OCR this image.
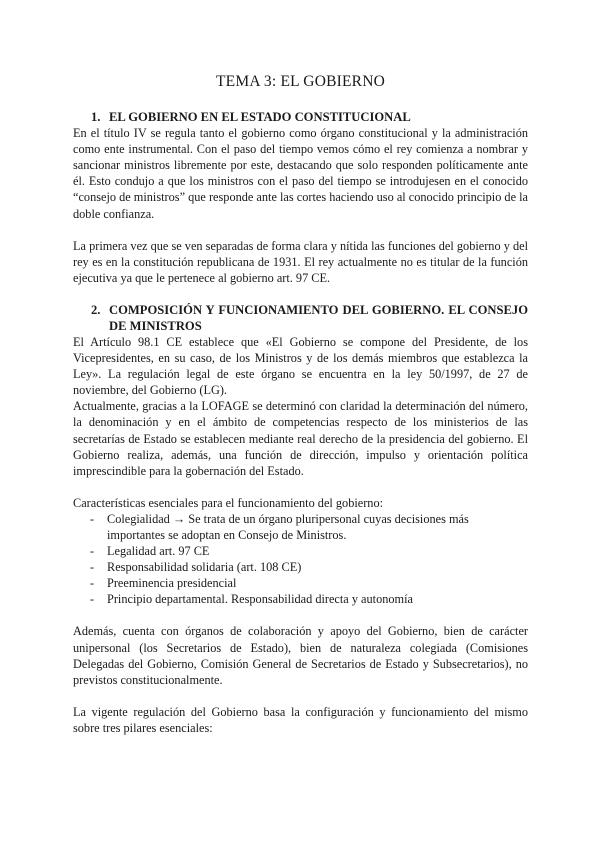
TEMA 3: EL GOBIERNO
1. EL GOBIERNO EN EL ESTADO CONSTITUCIONAL

En el título IV se regula tanto el gobierno como órgano constitucional y la administración como ente instrumental. Con el paso del tiempo vemos cómo el rey comienza a nombrar y sancionar ministros libremente por este, destacando que solo responden políticamente ante él. Esto condujo a que los ministros con el paso del tiempo se introdujesen en el conocido “consejo de ministros” que responde ante las cortes haciendo uso al conocido principio de la doble confianza.

La primera vez que se ven separadas de forma clara y nítida las funciones del gobierno y del rey es en la constitución republicana de 1931. El rey actualmente no es titular de la función ejecutiva ya que le pertenece al gobierno art. 97 CE.

2. COMPOSICIÓN Y FUNCIONAMIENTO DEL GOBIERNO. EL CONSEJO DE MINISTROS

El Artículo 98.1 CE establece que «El Gobierno se compone del Presidente, de los Vicepresidentes, en su caso, de los Ministros y de los demás miembros que establezca la Ley». La regulación legal de este órgano se encuentra en la ley 50/1997, de 27 de noviembre, del Gobierno (LG).

Actualmente, gracias a la LOFAGE se determinó con claridad la determinación del número, la denominación y en el ámbito de competencias respecto de los ministerios de las secretarías de Estado se establecen mediante real derecho de la presidencia del gobierno. El Gobierno realiza, además, una función de dirección, impulso y orientación política imprescindible para la gobernación del Estado.

Características esenciales para el funcionamiento del gobierno:

-	Colegialidad → Se trata de un órgano pluripersonal cuyas decisiones más importantes se adoptan en Consejo de Ministros.
-	Legalidad art. 97 CE
-	Responsabilidad solidaria (art. 108 CE)
-	Preeminencia presidencial
-	Principio departamental. Responsabilidad directa y autonomía

Además, cuenta con órganos de colaboración y apoyo del Gobierno, bien de carácter unipersonal (los Secretarios de Estado), bien de naturaleza colegiada (Comisiones Delegadas del Gobierno, Comisión General de Secretarios de Estado y Subsecretarios), no previstos constitucionalmente.

La vigente regulación del Gobierno basa la configuración y funcionamiento del mismo sobre tres pilares esenciales:
